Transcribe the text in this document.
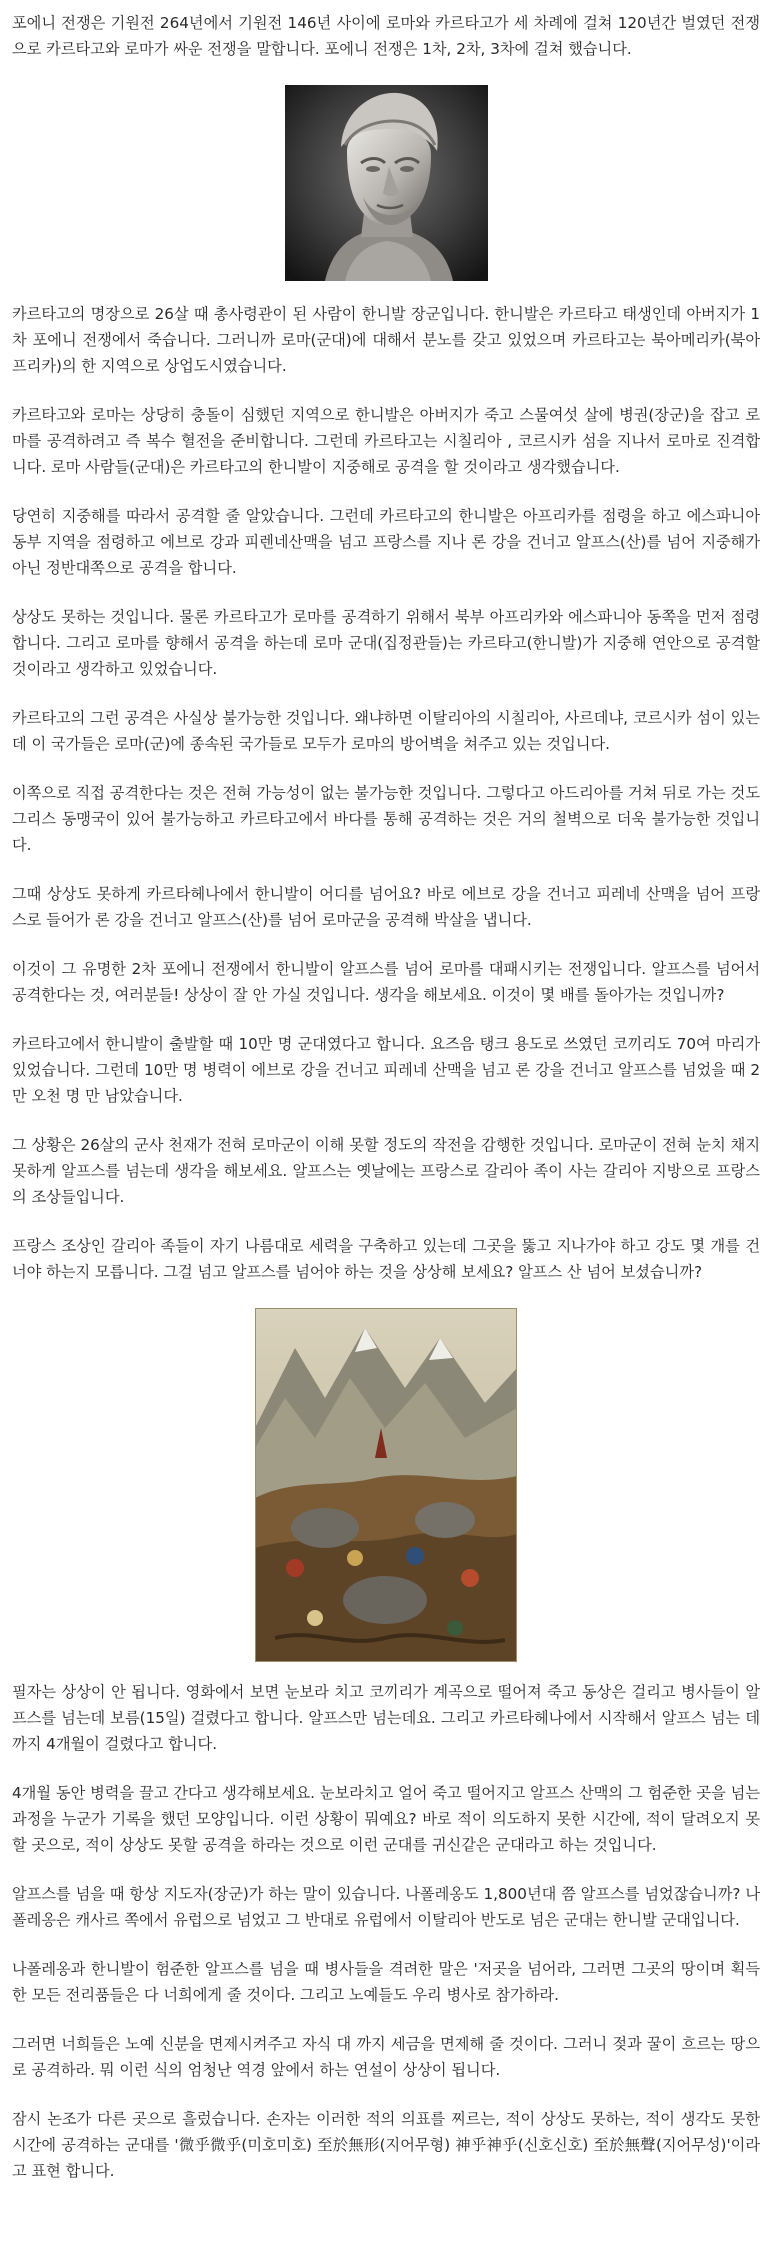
포에니 전쟁은 기원전 264년에서 기원전 146년 사이에 로마와 카르타고가 세 차례에 걸쳐 120년간 벌였던 전쟁으로 카르타고와 로마가 싸운 전쟁을 말합니다. 포에니 전쟁은 1차, 2차, 3차에 걸쳐 했습니다.

카르타고의 명장으로 26살 때 총사령관이 된 사람이 한니발 장군입니다. 한니발은 카르타고 태생인데 아버지가 1차 포에니 전쟁에서 죽습니다. 그러니까 로마(군대)에 대해서 분노를 갖고 있었으며 카르타고는 북아메리카(북아프리카)의 한 지역으로 상업도시였습니다.

카르타고와 로마는 상당히 충돌이 심했던 지역으로 한니발은 아버지가 죽고 스물여섯 살에 병권(장군)을 잡고 로마를 공격하려고 즉 복수 혈전을 준비합니다. 그런데 카르타고는 시칠리아 , 코르시카 섬을 지나서 로마로 진격합니다. 로마 사람들(군대)은 카르타고의 한니발이 지중해로 공격을 할 것이라고 생각했습니다.

당연히 지중해를 따라서 공격할 줄 알았습니다. 그런데 카르타고의 한니발은 아프리카를 점령을 하고 에스파니아 동부 지역을 점령하고 에브로 강과 피렌네산맥을 넘고 프랑스를 지나 론 강을 건너고 알프스(산)를 넘어 지중해가 아닌 정반대쪽으로 공격을 합니다.

상상도 못하는 것입니다. 물론 카르타고가 로마를 공격하기 위해서 북부 아프리카와 에스파니아 동쪽을 먼저 점령합니다. 그리고 로마를 향해서 공격을 하는데 로마 군대(집정관들)는 카르타고(한니발)가 지중해 연안으로 공격할 것이라고 생각하고 있었습니다.

카르타고의 그런 공격은 사실상 불가능한 것입니다. 왜냐하면 이탈리아의 시칠리아, 사르데냐, 코르시카 섬이 있는데 이 국가들은 로마(군)에 종속된 국가들로 모두가 로마의 방어벽을 쳐주고 있는 것입니다.

이쪽으로 직접 공격한다는 것은 전혀 가능성이 없는 불가능한 것입니다. 그렇다고 아드리아를 거쳐 뒤로 가는 것도 그리스 동맹국이 있어 불가능하고 카르타고에서 바다를 통해 공격하는 것은 거의 철벽으로 더욱 불가능한 것입니다.

그때 상상도 못하게 카르타헤나에서 한니발이 어디를 넘어요? 바로 에브로 강을 건너고 피레네 산맥을 넘어 프랑스로 들어가 론 강을 건너고 알프스(산)를 넘어 로마군을 공격해 박살을 냅니다.

이것이 그 유명한 2차 포에니 전쟁에서 한니발이 알프스를 넘어 로마를 대패시키는 전쟁입니다. 알프스를 넘어서 공격한다는 것, 여러분들! 상상이 잘 안 가실 것입니다. 생각을 해보세요. 이것이 몇 배를 돌아가는 것입니까?

카르타고에서 한니발이 출발할 때 10만 명 군대였다고 합니다. 요즈음 탱크 용도로 쓰였던 코끼리도 70여 마리가 있었습니다. 그런데 10만 명 병력이 에브로 강을 건너고 피레네 산맥을 넘고 론 강을 건너고 알프스를 넘었을 때 2만 오천 명 만 남았습니다.

그 상황은 26살의 군사 천재가 전혀 로마군이 이해 못할 정도의 작전을 감행한 것입니다. 로마군이 전혀 눈치 채지 못하게 알프스를 넘는데 생각을 해보세요. 알프스는 옛날에는 프랑스로 갈리아 족이 사는 갈리아 지방으로 프랑스의 조상들입니다.

프랑스 조상인 갈리아 족들이 자기 나름대로 세력을 구축하고 있는데 그곳을 뚫고 지나가야 하고 강도 몇 개를 건너야 하는지 모릅니다. 그걸 넘고 알프스를 넘어야 하는 것을 상상해 보세요? 알프스 산 넘어 보셨습니까?

필자는 상상이 안 됩니다. 영화에서 보면 눈보라 치고 코끼리가 계곡으로 떨어져 죽고 동상은 걸리고 병사들이 알프스를 넘는데 보름(15일) 걸렸다고 합니다. 알프스만 넘는데요. 그리고 카르타헤나에서 시작해서 알프스 넘는 데까지 4개월이 걸렸다고 합니다.

4개월 동안 병력을 끌고 간다고 생각해보세요. 눈보라치고 얼어 죽고 떨어지고 알프스 산맥의 그 험준한 곳을 넘는 과정을 누군가 기록을 했던 모양입니다. 이런 상황이 뭐예요? 바로 적이 의도하지 못한 시간에, 적이 달려오지 못할 곳으로, 적이 상상도 못할 공격을 하라는 것으로 이런 군대를 귀신같은 군대라고 하는 것입니다.

알프스를 넘을 때 항상 지도자(장군)가 하는 말이 있습니다. 나폴레옹도 1,800년대 쯤 알프스를 넘었잖습니까? 나폴레옹은 캐사르 쪽에서 유럽으로 넘었고 그 반대로 유럽에서 이탈리아 반도로 넘은 군대는 한니발 군대입니다.

나폴레옹과 한니발이 험준한 알프스를 넘을 때 병사들을 격려한 말은 '저곳을 넘어라, 그러면 그곳의 땅이며 획득한 모든 전리품들은 다 너희에게 줄 것이다. 그리고 노예들도 우리 병사로 참가하라.

그러면 너희들은 노예 신분을 면제시켜주고 자식 대 까지 세금을 면제해 줄 것이다. 그러니 젖과 꿀이 흐르는 땅으로 공격하라. 뭐 이런 식의 엄청난 역경 앞에서 하는 연설이 상상이 됩니다.

잠시 논조가 다른 곳으로 흘렀습니다. 손자는 이러한 적의 의표를 찌르는, 적이 상상도 못하는, 적이 생각도 못한 시간에 공격하는 군대를 '微乎微乎(미호미호) 至於無形(지어무형) 神乎神乎(신호신호) 至於無聲(지어무성)'이라고 표현 합니다.
